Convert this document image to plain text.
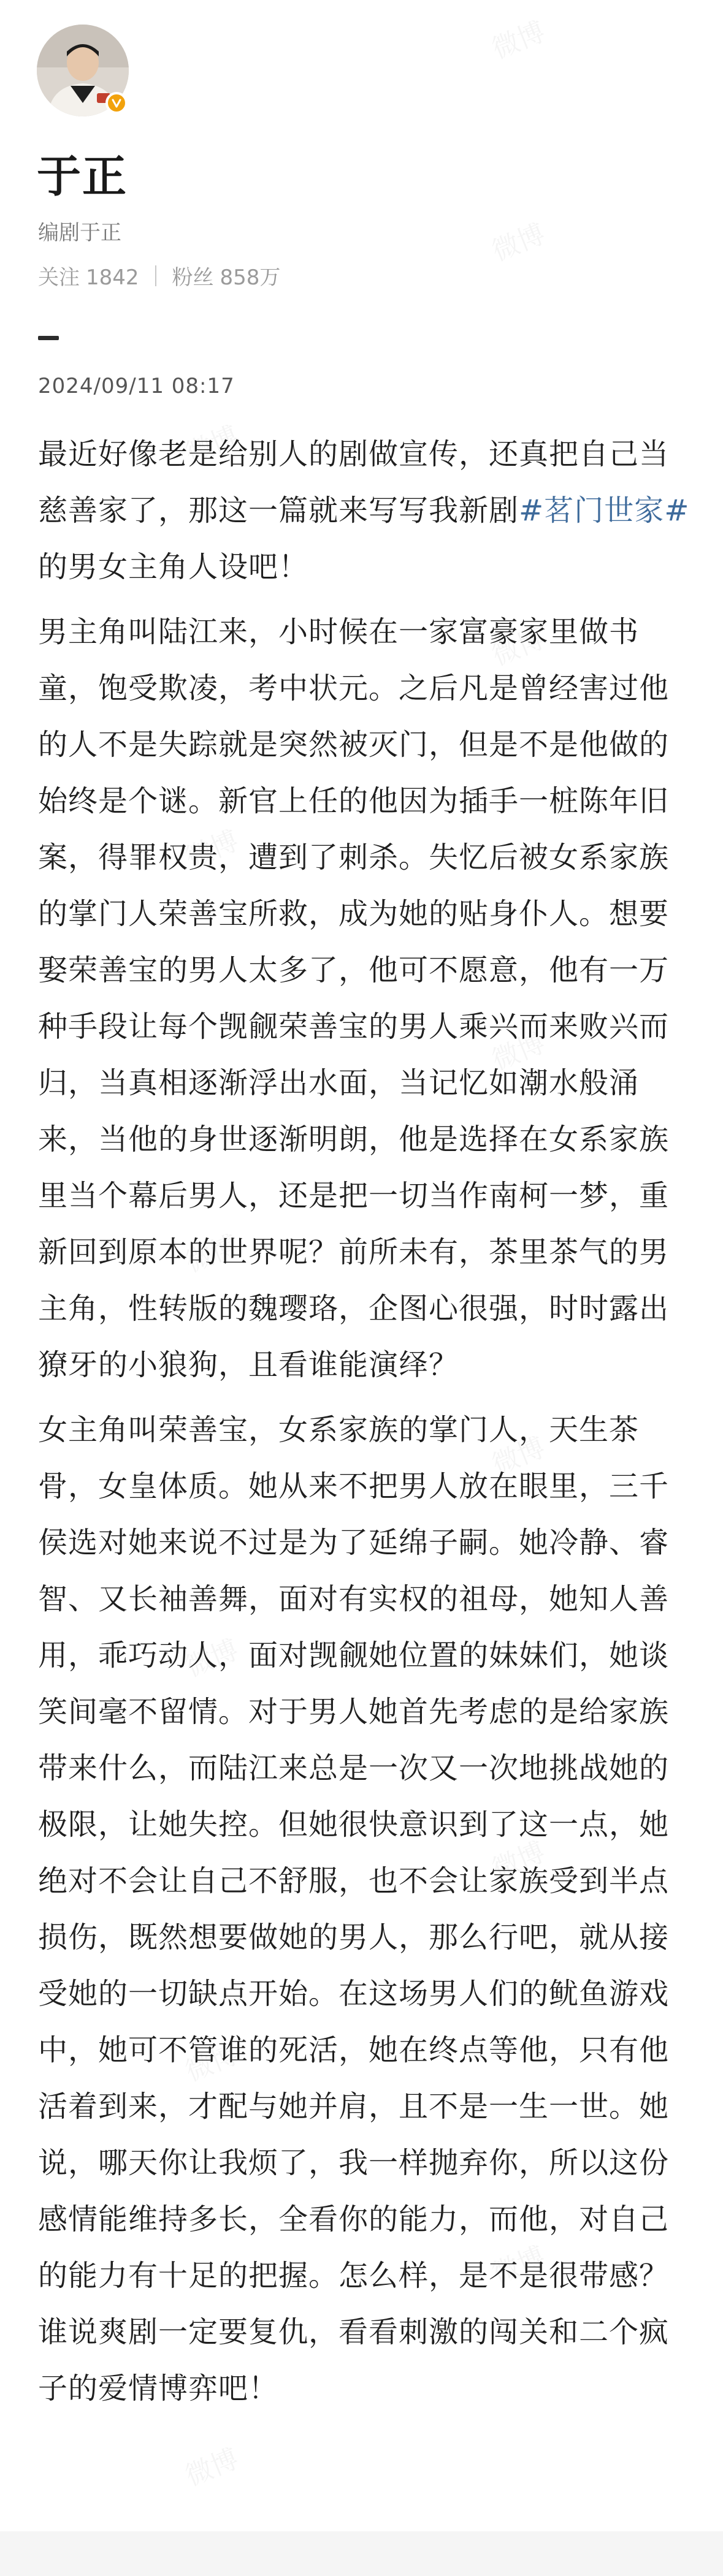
于正
编剧于正
关注 1842 粉丝 858万
2024/09/11 08:17

最近好像老是给别人的剧做宣传，还真把自己当
慈善家了，那这一篇就来写写我新剧#茗门世家#
的男女主角人设吧！

男主角叫陆江来，小时候在一家富豪家里做书
童，饱受欺凌，考中状元。之后凡是曾经害过他
的人不是失踪就是突然被灭门，但是不是他做的
始终是个谜。新官上任的他因为插手一桩陈年旧
案，得罪权贵，遭到了刺杀。失忆后被女系家族
的掌门人荣善宝所救，成为她的贴身仆人。想要
娶荣善宝的男人太多了，他可不愿意，他有一万
种手段让每个觊觎荣善宝的男人乘兴而来败兴而
归，当真相逐渐浮出水面，当记忆如潮水般涌
来，当他的身世逐渐明朗，他是选择在女系家族
里当个幕后男人，还是把一切当作南柯一梦，重
新回到原本的世界呢？前所未有，茶里茶气的男
主角，性转版的魏璎珞，企图心很强，时时露出
獠牙的小狼狗，且看谁能演绎？

女主角叫荣善宝，女系家族的掌门人，天生茶
骨，女皇体质。她从来不把男人放在眼里，三千
侯选对她来说不过是为了延绵子嗣。她冷静、睿
智、又长袖善舞，面对有实权的祖母，她知人善
用，乖巧动人，面对觊觎她位置的妹妹们，她谈
笑间毫不留情。对于男人她首先考虑的是给家族
带来什么，而陆江来总是一次又一次地挑战她的
极限，让她失控。但她很快意识到了这一点，她
绝对不会让自己不舒服，也不会让家族受到半点
损伤，既然想要做她的男人，那么行吧，就从接
受她的一切缺点开始。在这场男人们的鱿鱼游戏
中，她可不管谁的死活，她在终点等他，只有他
活着到来，才配与她并肩，且不是一生一世。她
说，哪天你让我烦了，我一样抛弃你，所以这份
感情能维持多长，全看你的能力，而他，对自己
的能力有十足的把握。怎么样，是不是很带感？
谁说爽剧一定要复仇，看看刺激的闯关和二个疯
子的爱情博弈吧！
